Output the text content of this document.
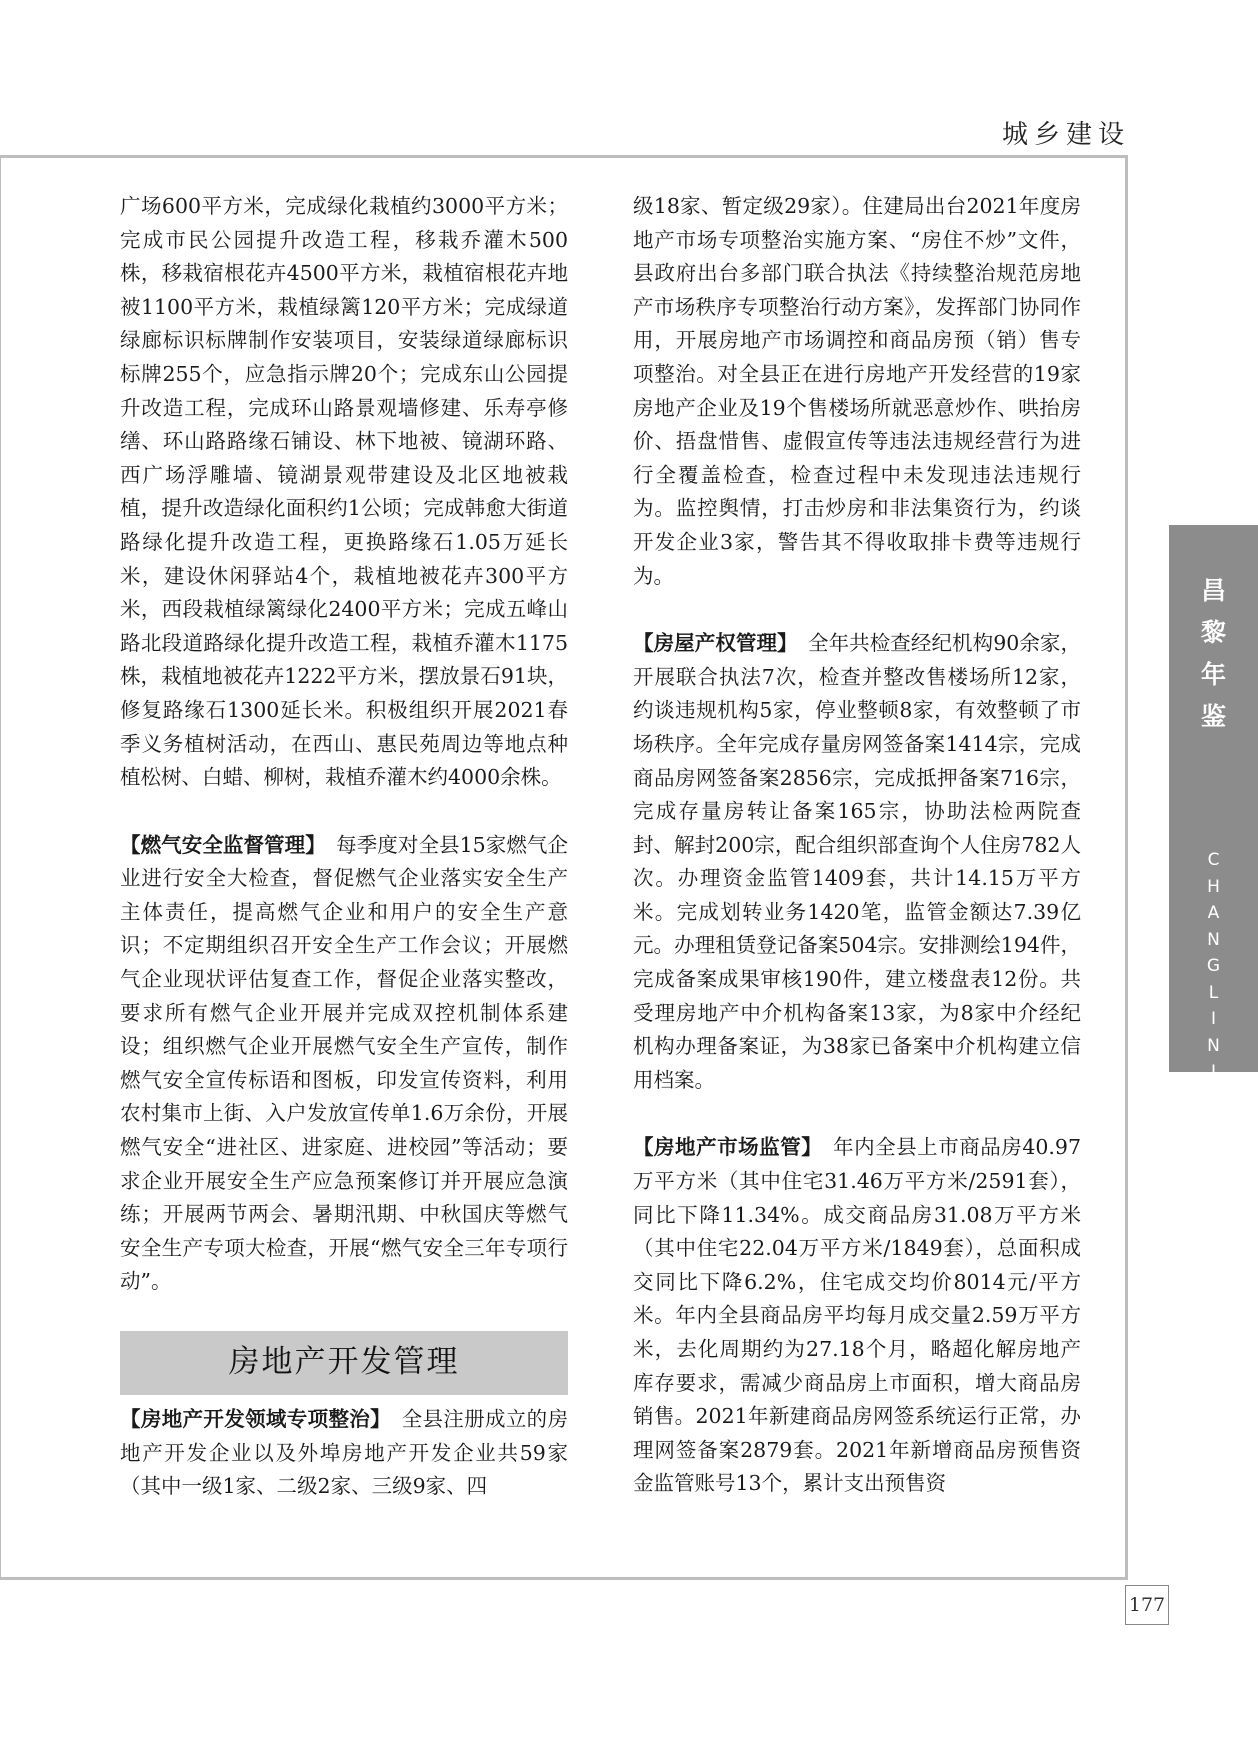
城乡建设

广场600平方米，完成绿化栽植约3000平方米；完成市民公园提升改造工程，移栽乔灌木500株，移栽宿根花卉4500平方米，栽植宿根花卉地被1100平方米，栽植绿篱120平方米；完成绿道绿廊标识标牌制作安装项目，安装绿道绿廊标识标牌255个，应急指示牌20个；完成东山公园提升改造工程，完成环山路景观墙修建、乐寿亭修缮、环山路路缘石铺设、林下地被、镜湖环路、西广场浮雕墙、镜湖景观带建设及北区地被栽植，提升改造绿化面积约1公顷；完成韩愈大街道路绿化提升改造工程，更换路缘石1.05万延长米，建设休闲驿站4个，栽植地被花卉300平方米，西段栽植绿篱绿化2400平方米；完成五峰山路北段道路绿化提升改造工程，栽植乔灌木1175株，栽植地被花卉1222平方米，摆放景石91块，修复路缘石1300延长米。积极组织开展2021春季义务植树活动，在西山、惠民苑周边等地点种植松树、白蜡、柳树，栽植乔灌木约4000余株。

【燃气安全监督管理】　 每季度对全县15家燃气企业进行安全大检查，督促燃气企业落实安全生产主体责任，提高燃气企业和用户的安全生产意识；不定期组织召开安全生产工作会议；开展燃气企业现状评估复查工作，督促企业落实整改，要求所有燃气企业开展并完成双控机制体系建设；组织燃气企业开展燃气安全生产宣传，制作燃气安全宣传标语和图板，印发宣传资料，利用农村集市上街、入户发放宣传单1.6万余份，开展燃气安全“进社区、进家庭、进校园”等活动；要求企业开展安全生产应急预案修订并开展应急演练；开展两节两会、暑期汛期、中秋国庆等燃气安全生产专项大检查，开展“燃气安全三年专项行动”。

房地产开发管理

【房地产开发领域专项整治】　 全县注册成立的房地产开发企业以及外埠房地产开发企业共59家（其中一级1家、二级2家、三级9家、四

级18家、暂定级29家）。住建局出台2021年度房地产市场专项整治实施方案、“房住不炒”文件，县政府出台多部门联合执法《持续整治规范房地产市场秩序专项整治行动方案》，发挥部门协同作用，开展房地产市场调控和商品房预（销）售专项整治。对全县正在进行房地产开发经营的19家房地产企业及19个售楼场所就恶意炒作、哄抬房价、捂盘惜售、虚假宣传等违法违规经营行为进行全覆盖检查，检查过程中未发现违法违规行为。监控舆情，打击炒房和非法集资行为，约谈开发企业3家，警告其不得收取排卡费等违规行为。

【房屋产权管理】　 全年共检查经纪机构90余家，开展联合执法7次，检查并整改售楼场所12家，约谈违规机构5家，停业整顿8家，有效整顿了市场秩序。全年完成存量房网签备案1414宗，完成商品房网签备案2856宗，完成抵押备案716宗，完成存量房转让备案165宗，协助法检两院查封、解封200宗，配合组织部查询个人住房782人次。办理资金监管1409套，共计14.15万平方米。完成划转业务1420笔，监管金额达7.39亿元。办理租赁登记备案504宗。安排测绘194件，完成备案成果审核190件，建立楼盘表12份。共受理房地产中介机构备案13家，为8家中介经纪机构办理备案证，为38家已备案中介机构建立信用档案。

【房地产市场监管】　 年内全县上市商品房40.97万平方米（其中住宅31.46万平方米/2591套），同比下降11.34%。成交商品房31.08万平方米（其中住宅22.04万平方米/1849套），总面积成交同比下降6.2%，住宅成交均价8014元/平方米。年内全县商品房平均每月成交量2.59万平方米，去化周期约为27.18个月，略超化解房地产库存要求，需减少商品房上市面积，增大商品房销售。2021年新建商品房网签系统运行正常，办理网签备案2879套。2021年新增商品房预售资金监管账号13个，累计支出预售资

昌
黎
年
鉴
C
H
A
N
G
L
I
N
I
A
N
J
I
A
N
177
